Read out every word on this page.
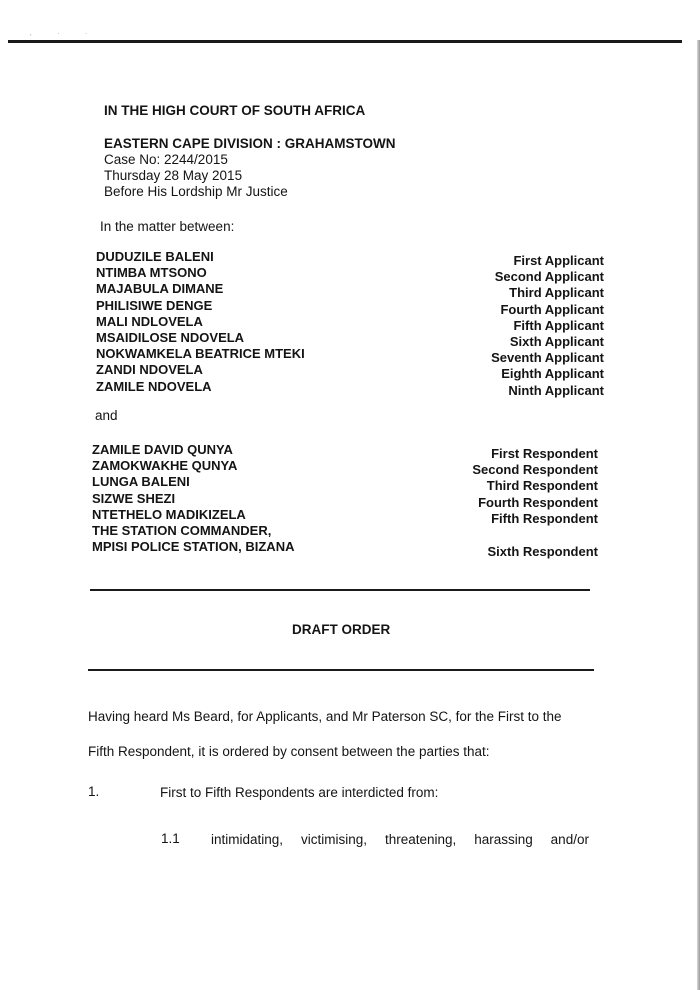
, · ·
IN THE HIGH COURT OF SOUTH AFRICA
EASTERN CAPE DIVISION : GRAHAMSTOWN
Case No: 2244/2015
Thursday 28 May 2015
Before His Lordship Mr Justice
In the matter between:
DUDUZILE BALENI
NTIMBA MTSONO
MAJABULA DIMANE
PHILISIWE DENGE
MALI NDLOVELA
MSAIDILOSE NDOVELA
NOKWAMKELA BEATRICE MTEKI
ZANDI NDOVELA
ZAMILE NDOVELA
First Applicant
Second Applicant
Third Applicant
Fourth Applicant
Fifth Applicant
Sixth Applicant
Seventh Applicant
Eighth Applicant
Ninth Applicant
and
ZAMILE DAVID QUNYA
ZAMOKWAKHE QUNYA
LUNGA BALENI
SIZWE SHEZI
NTETHELO MADIKIZELA
THE STATION COMMANDER,
MPISI POLICE STATION, BIZANA
First Respondent
Second Respondent
Third Respondent
Fourth Respondent
Fifth Respondent
Sixth Respondent
DRAFT ORDER
Having heard Ms Beard, for Applicants, and Mr Paterson SC, for the First to the
Fifth Respondent, it is ordered by consent between the parties that:
1.	First to Fifth Respondents are interdicted from:
1.1 intimidating, victimising, threatening, harassing and/or
